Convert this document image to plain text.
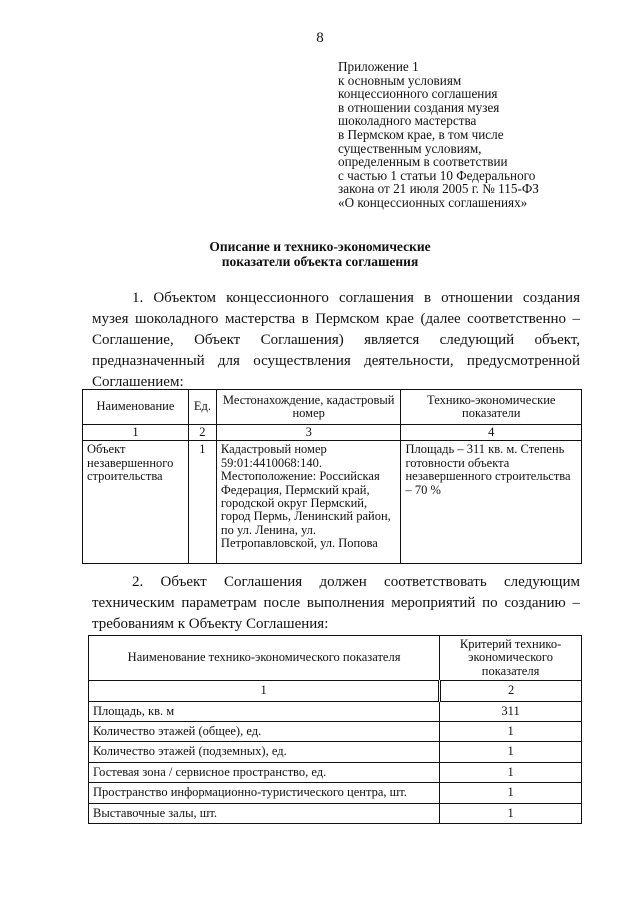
8
Приложение 1
к основным условиям
концессионного соглашения
в отношении создания музея
шоколадного мастерства
в Пермском крае, в том числе
существенным условиям,
определенным в соответствии
с частью 1 статьи 10 Федерального
закона от 21 июля 2005 г. № 115-ФЗ
«О концессионных соглашениях»
Описание и технико-экономические
показатели объекта соглашения
1. Объектом концессионного соглашения в отношении создания
музея шоколадного мастерства в Пермском крае (далее соответственно –
Соглашение, Объект Соглашения) является следующий объект,
предназначенный для осуществления деятельности, предусмотренной
Соглашением:
Наименование	Ед.	Местонахождение, кадастровый номер	Технико-экономические показатели
1	2	3	4
Объект незавершенного строительства	1	Кадастровый номер 59:01:4410068:140. Местоположение: Российская Федерация, Пермский край, городской округ Пермский, город Пермь, Ленинский район, по ул. Ленина, ул. Петропавловской, ул. Попова	Площадь – 311 кв. м. Степень готовности объекта незавершенного строительства – 70 %
2. Объект Соглашения должен соответствовать следующим
техническим параметрам после выполнения мероприятий по созданию –
требованиям к Объекту Соглашения:
Наименование технико-экономического показателя	Критерий технико-экономического показателя
1	2
Площадь, кв. м	311
Количество этажей (общее), ед.	1
Количество этажей (подземных), ед.	1
Гостевая зона / сервисное пространство, ед.	1
Пространство информационно-туристического центра, шт.	1
Выставочные залы, шт.	1
